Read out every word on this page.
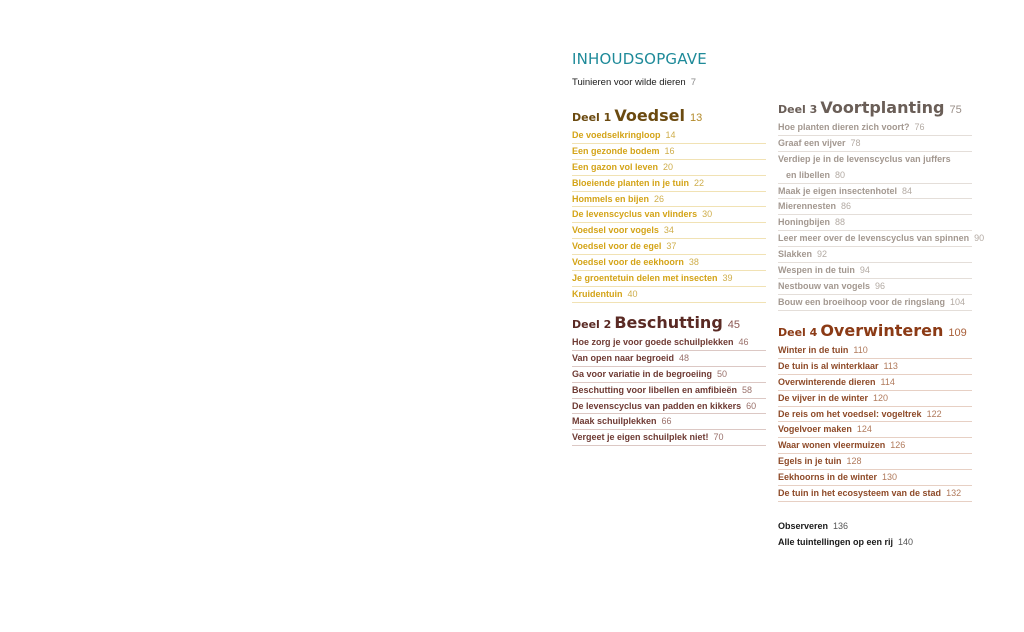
INHOUDSOPGAVE
Tuinieren voor wilde dieren 7
Deel 1 Voedsel 13
De voedselkringloop 14
Een gezonde bodem 16
Een gazon vol leven 20
Bloeiende planten in je tuin 22
Hommels en bijen 26
De levenscyclus van vlinders 30
Voedsel voor vogels 34
Voedsel voor de egel 37
Voedsel voor de eekhoorn 38
Je groentetuin delen met insecten 39
Kruidentuin 40
Deel 2 Beschutting 45
Hoe zorg je voor goede schuilplekken 46
Van open naar begroeid 48
Ga voor variatie in de begroeiing 50
Beschutting voor libellen en amfibieën 58
De levenscyclus van padden en kikkers 60
Maak schuilplekken 66
Vergeet je eigen schuilplek niet! 70
Deel 3 Voortplanting 75
Hoe planten dieren zich voort? 76
Graaf een vijver 78
Verdiep je in de levenscyclus van juffers
en libellen 80
Maak je eigen insectenhotel 84
Mierennesten 86
Honingbijen 88
Leer meer over de levenscyclus van spinnen 90
Slakken 92
Wespen in de tuin 94
Nestbouw van vogels 96
Bouw een broeihoop voor de ringslang 104
Deel 4 Overwinteren 109
Winter in de tuin 110
De tuin is al winterklaar 113
Overwinterende dieren 114
De vijver in de winter 120
De reis om het voedsel: vogeltrek 122
Vogelvoer maken 124
Waar wonen vleermuizen 126
Egels in je tuin 128
Eekhoorns in de winter 130
De tuin in het ecosysteem van de stad 132
Observeren 136
Alle tuintellingen op een rij 140
